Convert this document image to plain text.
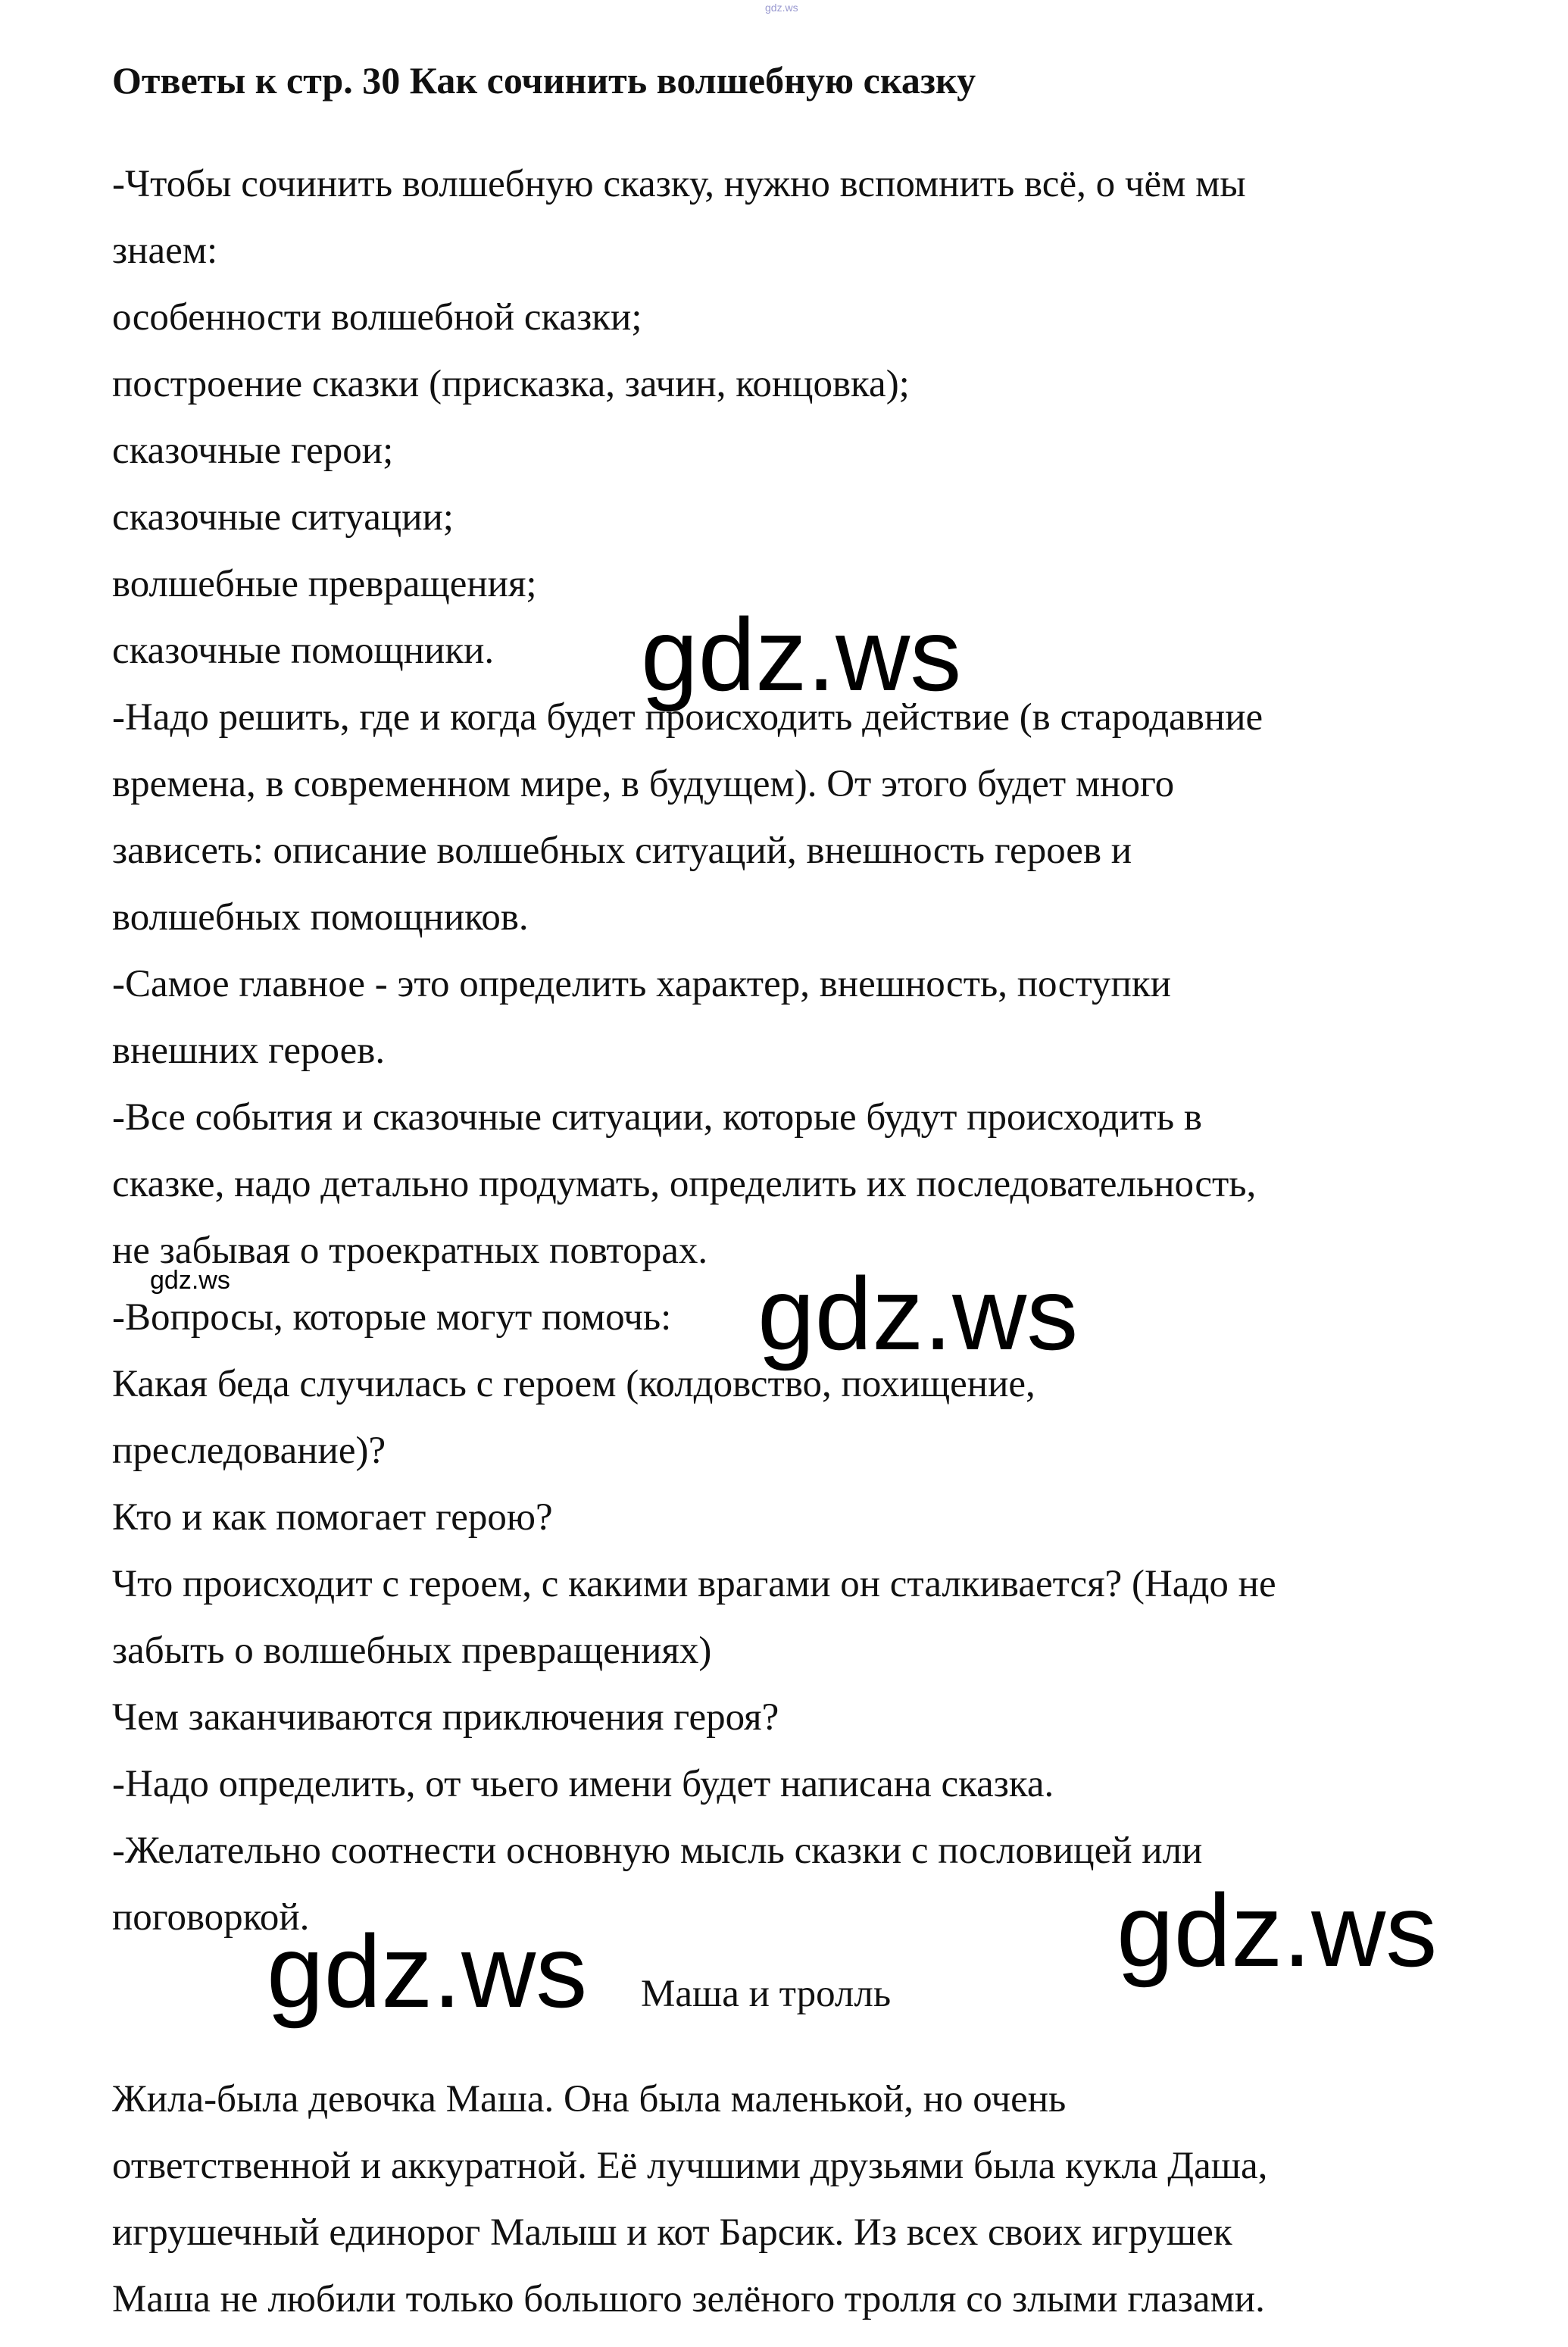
gdz.ws
Ответы к стр. 30 Как сочинить волшебную сказку
-Чтобы сочинить волшебную сказку, нужно вспомнить всё, о чём мы
знаем:
особенности волшебной сказки;
построение сказки (присказка, зачин, концовка);
сказочные герои;
сказочные ситуации;
волшебные превращения;
сказочные помощники.
-Надо решить, где и когда будет происходить действие (в стародавние
времена, в современном мире, в будущем). От этого будет много
зависеть: описание волшебных ситуаций, внешность героев и
волшебных помощников.
-Самое главное - это определить характер, внешность, поступки
внешних героев.
-Все события и сказочные ситуации, которые будут происходить в
сказке, надо детально продумать, определить их последовательность,
не забывая о троекратных повторах.
-Вопросы, которые могут помочь:
Какая беда случилась с героем (колдовство, похищение,
преследование)?
Кто и как помогает герою?
Что происходит с героем, с какими врагами он сталкивается? (Надо не
забыть о волшебных превращениях)
Чем заканчиваются приключения героя?
-Надо определить, от чьего имени будет написана сказка.
-Желательно соотнести основную мысль сказки с пословицей или
поговоркой.
Маша и тролль
Жила-была девочка Маша. Она была маленькой, но очень
ответственной и аккуратной. Её лучшими друзьями была кукла Даша,
игрушечный единорог Малыш и кот Барсик. Из всех своих игрушек
Маша не любили только большого зелёного тролля со злыми глазами.
gdz.ws
gdz.ws	gdz.ws
gdz.ws
gdz.ws
